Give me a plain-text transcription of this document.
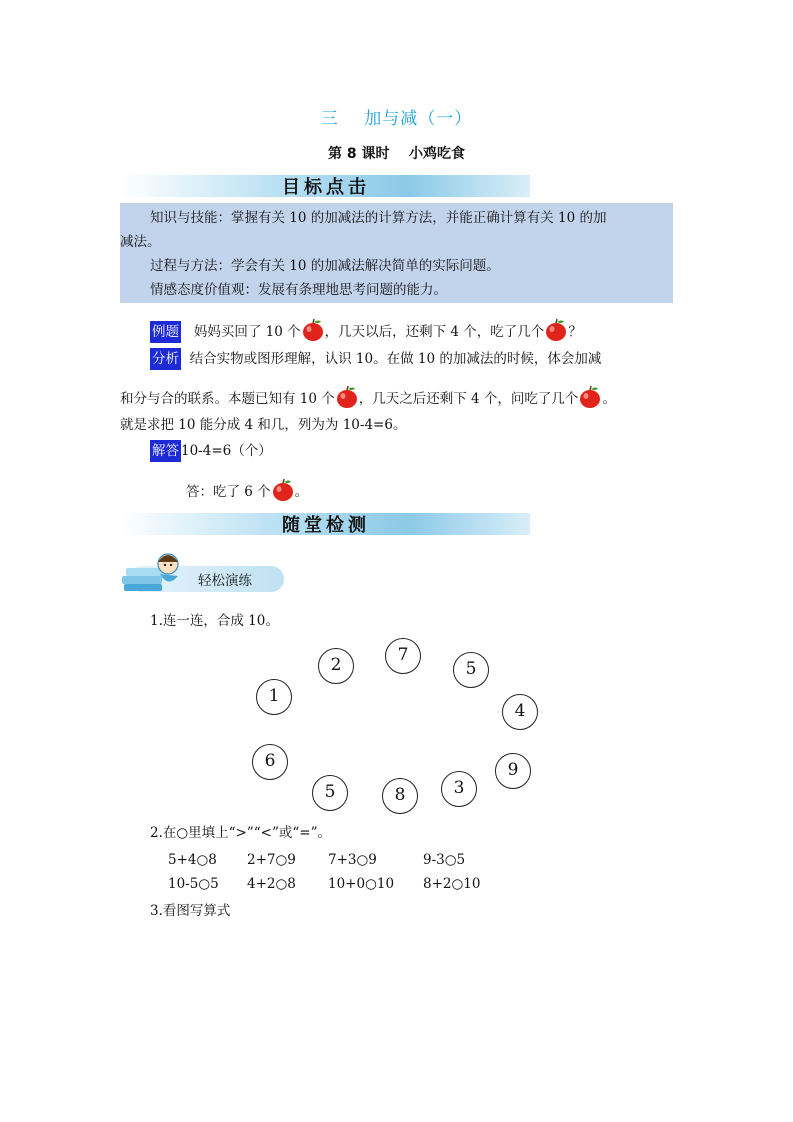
三    加与减（一）
第 8 课时    小鸡吃食
目标点击
知识与技能：掌握有关 10 的加减法的计算方法，并能正确计算有关 10 的加
减法。
过程与方法：学会有关 10 的加减法解决简单的实际问题。
情感态度价值观：发展有条理地思考问题的能力。
例题 妈妈买回了 10 个 ，几天以后，还剩下 4 个，吃了几个 ？
分析 结合实物或图形理解，认识 10。在做 10 的加减法的时候，体会加减
和分与合的联系。本题已知有 10 个 ，几天之后还剩下 4 个，问吃了几个 。
就是求把 10 能分成 4 和几，列为为 10-4=6。
解答 10-4=6（个）
答：吃了 6 个 。
随堂检测
轻松演练
1.连一连，合成 10。
2	7
5
1
4
6	9
5	8	3
2.在○里填上“>”“<”或“=”。
5+4○8 2+7○9 7+3○9	9-3○5
10-5○5 4+2○8 10+0○10 8+2○10
3.看图写算式
